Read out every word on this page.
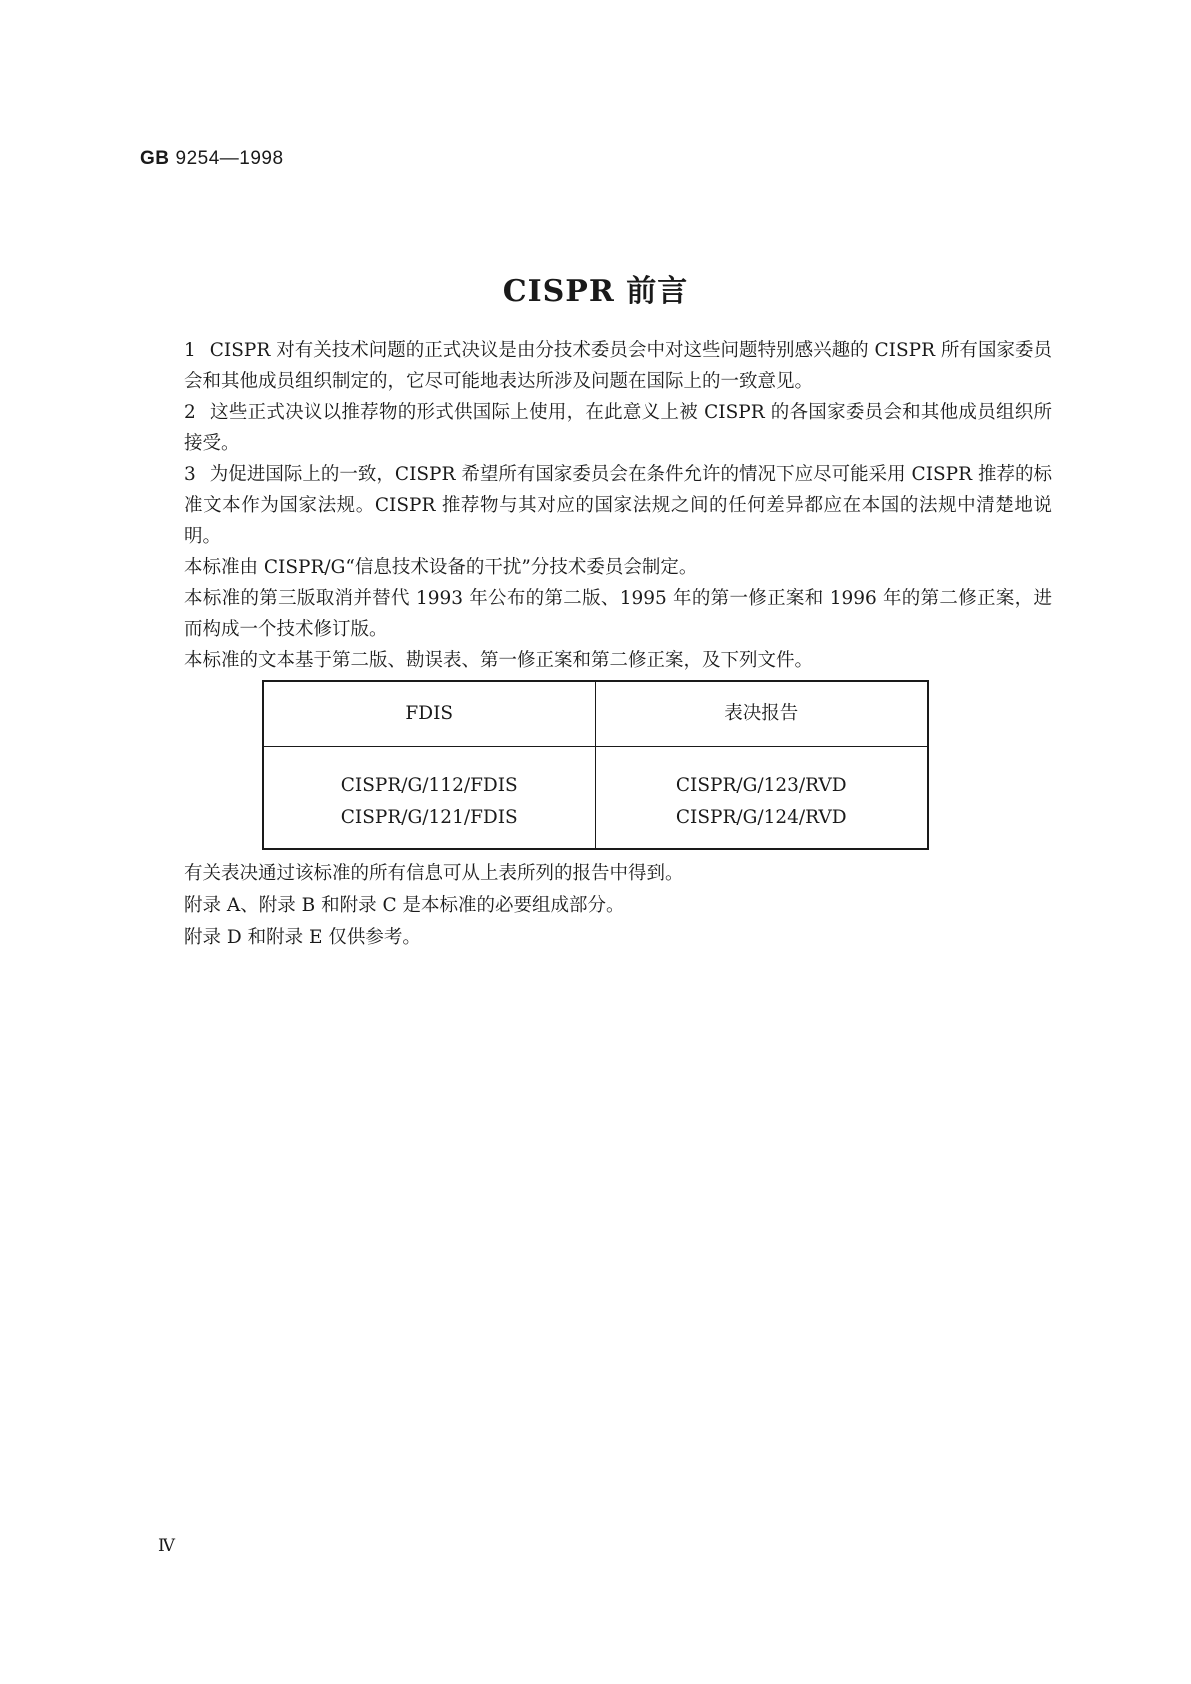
GB 9254—1998
CISPR 前言

1 CISPR 对有关技术问题的正式决议是由分技术委员会中对这些问题特别感兴趣的 CISPR 所有国家委员会和其他成员组织制定的，它尽可能地表达所涉及问题在国际上的一致意见。

2 这些正式决议以推荐物的形式供国际上使用，在此意义上被 CISPR 的各国家委员会和其他成员组织所接受。

3 为促进国际上的一致，CISPR 希望所有国家委员会在条件允许的情况下应尽可能采用 CISPR 推荐的标准文本作为国家法规。CISPR 推荐物与其对应的国家法规之间的任何差异都应在本国的法规中清楚地说明。

本标准由 CISPR/G“信息技术设备的干扰”分技术委员会制定。

本标准的第三版取消并替代 1993 年公布的第二版、1995 年的第一修正案和 1996 年的第二修正案，进而构成一个技术修订版。

本标准的文本基于第二版、勘误表、第一修正案和第二修正案，及下列文件。

FDIS	表决报告
CISPR/G/112/FDIS
CISPR/G/121/FDIS
CISPR/G/123/RVD
CISPR/G/124/RVD

有关表决通过该标准的所有信息可从上表所列的报告中得到。

附录 A、附录 B 和附录 C 是本标准的必要组成部分。

附录 D 和附录 E 仅供参考。

Ⅳ
